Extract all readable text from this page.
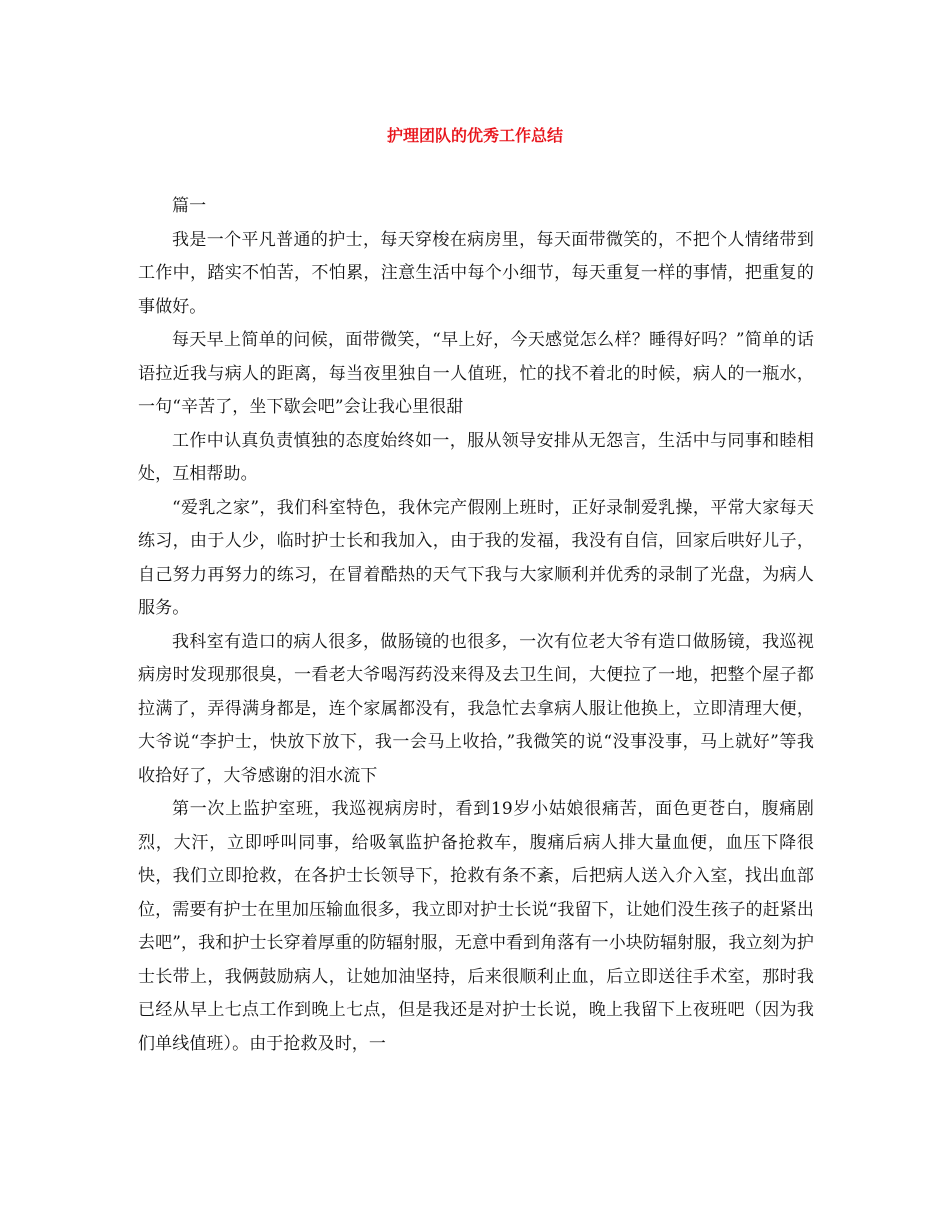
护理团队的优秀工作总结

篇一

我是一个平凡普通的护士，每天穿梭在病房里，每天面带微笑的，不把个人情绪带到工作中，踏实不怕苦，不怕累，注意生活中每个小细节，每天重复一样的事情，把重复的事做好。

每天早上简单的问候，面带微笑，“早上好，今天感觉怎么样？睡得好吗？”简单的话语拉近我与病人的距离，每当夜里独自一人值班，忙的找不着北的时候，病人的一瓶水，一句“辛苦了，坐下歇会吧”会让我心里很甜

工作中认真负责慎独的态度始终如一，服从领导安排从无怨言，生活中与同事和睦相处，互相帮助。

“爱乳之家”，我们科室特色，我休完产假刚上班时，正好录制爱乳操，平常大家每天练习，由于人少，临时护士长和我加入，由于我的发福，我没有自信，回家后哄好儿子，自己努力再努力的练习，在冒着酷热的天气下我与大家顺利并优秀的录制了光盘，为病人服务。

我科室有造口的病人很多，做肠镜的也很多，一次有位老大爷有造口做肠镜，我巡视病房时发现那很臭，一看老大爷喝泻药没来得及去卫生间，大便拉了一地，把整个屋子都拉满了，弄得满身都是，连个家属都没有，我急忙去拿病人服让他换上，立即清理大便，大爷说“李护士，快放下放下，我一会马上收拾，”我微笑的说“没事没事，马上就好”等我收拾好了，大爷感谢的泪水流下

第一次上监护室班，我巡视病房时，看到19岁小姑娘很痛苦，面色更苍白，腹痛剧烈，大汗，立即呼叫同事，给吸氧监护备抢救车，腹痛后病人排大量血便，血压下降很快，我们立即抢救，在各护士长领导下，抢救有条不紊，后把病人送入介入室，找出血部位，需要有护士在里加压输血很多，我立即对护士长说“我留下，让她们没生孩子的赶紧出去吧”，我和护士长穿着厚重的防辐射服，无意中看到角落有一小块防辐射服，我立刻为护士长带上，我俩鼓励病人，让她加油坚持，后来很顺利止血，后立即送往手术室，那时我已经从早上七点工作到晚上七点，但是我还是对护士长说，晚上我留下上夜班吧（因为我们单线值班）。由于抢救及时，一
